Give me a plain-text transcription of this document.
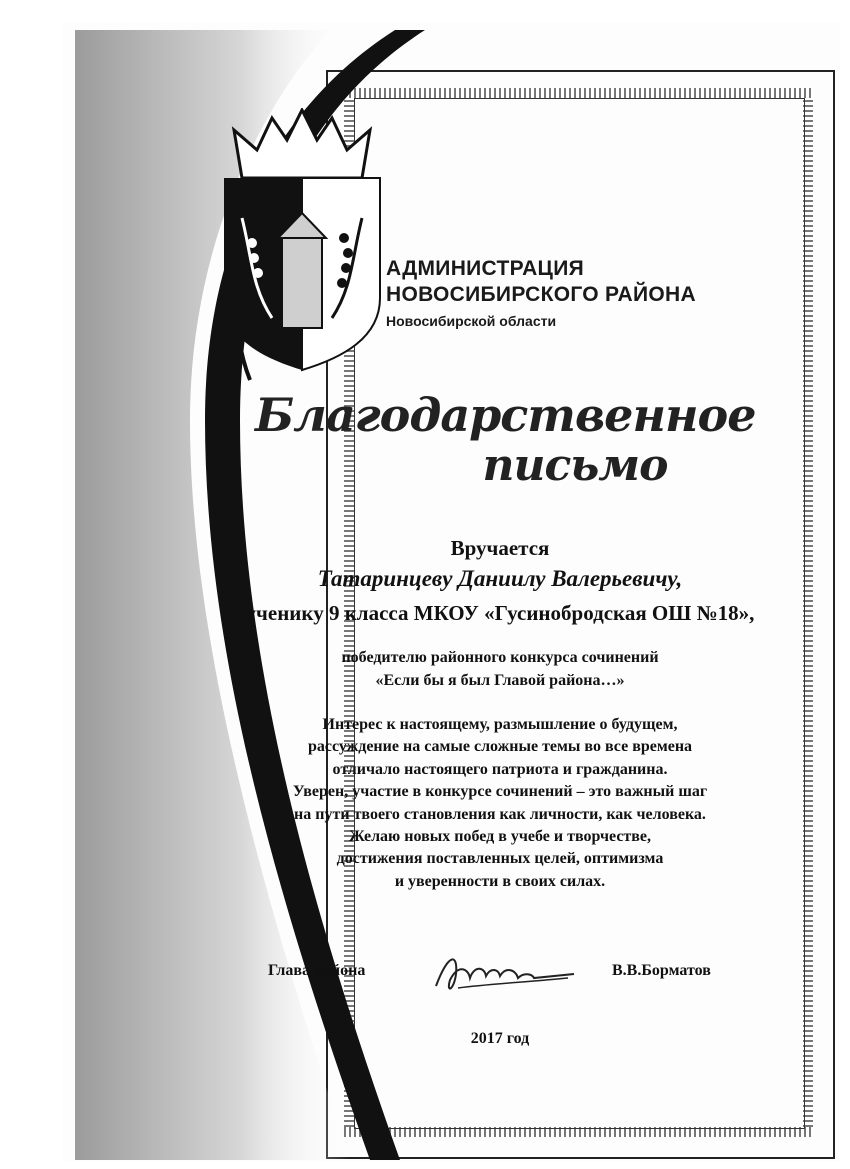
АДМИНИСТРАЦИЯ
НОВОСИБИРСКОГО РАЙОНА
Новосибирской области
Благодарственное
письмо
Вручается
Татаринцеву Даниилу Валерьевичу,
ученику 9 класса МКОУ «Гусинобродская ОШ №18»,
победителю районного конкурса сочинений
«Если бы я был Главой района…»
Интерес к настоящему, размышление о будущем,
рассуждение на самые сложные темы во все времена
отличало настоящего патриота и гражданина.
Уверен, участие в конкурсе сочинений – это важный шаг
на пути твоего становления как личности, как человека.
Желаю новых побед в учебе и творчестве,
достижения поставленных целей, оптимизма
и уверенности в своих силах.
Глава района	В.В.Борматов
2017 год
